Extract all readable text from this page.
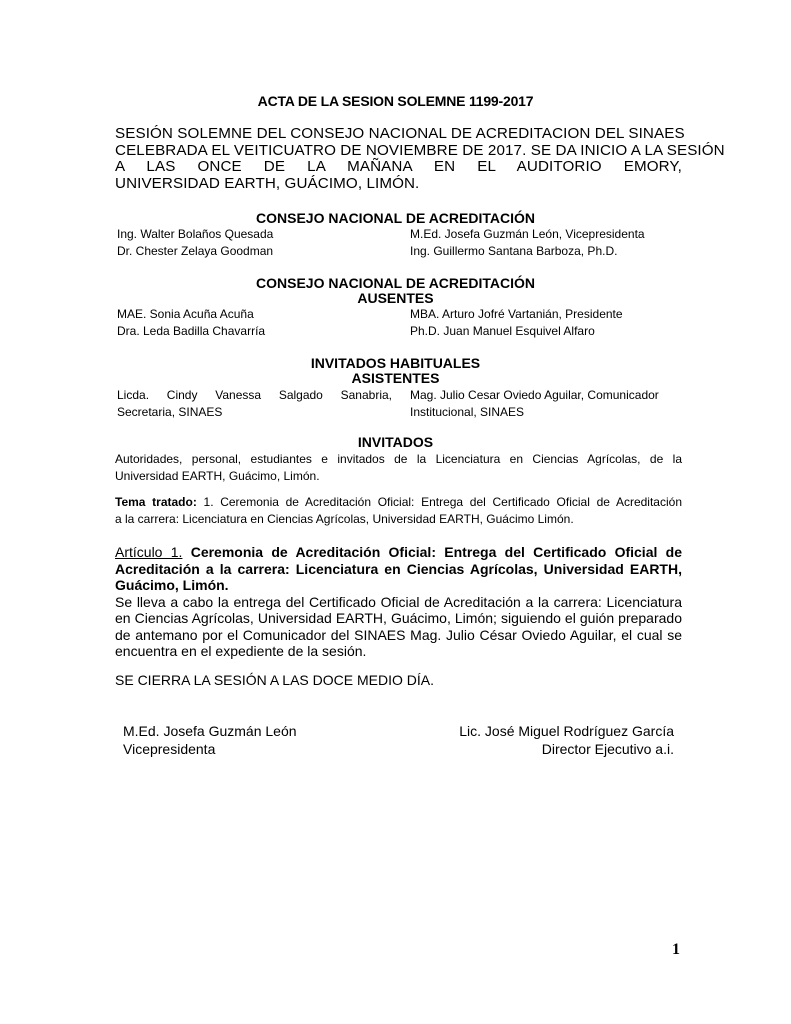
ACTA DE LA SESION SOLEMNE 1199-2017
SESIÓN SOLEMNE DEL CONSEJO NACIONAL DE ACREDITACION DEL SINAES
CELEBRADA EL VEITICUATRO DE NOVIEMBRE DE 2017. SE DA INICIO A LA SESIÓN
A LAS ONCE DE LA MAÑANA EN EL AUDITORIO EMORY,
UNIVERSIDAD EARTH, GUÁCIMO, LIMÓN.
CONSEJO NACIONAL DE ACREDITACIÓN
Ing. Walter Bolaños Quesada
Dr. Chester Zelaya Goodman
M.Ed. Josefa Guzmán León, Vicepresidenta
Ing. Guillermo Santana Barboza, Ph.D.
CONSEJO NACIONAL DE ACREDITACIÓN
AUSENTES
MAE. Sonia Acuña Acuña
Dra. Leda Badilla Chavarría
MBA. Arturo Jofré Vartanián, Presidente
Ph.D. Juan Manuel Esquivel Alfaro
INVITADOS HABITUALES
ASISTENTES
Licda. Cindy Vanessa Salgado Sanabria,
Secretaria, SINAES
Mag. Julio Cesar Oviedo Aguilar, Comunicador
Institucional, SINAES
INVITADOS
Autoridades, personal, estudiantes e invitados de la Licenciatura en Ciencias Agrícolas, de la
Universidad EARTH, Guácimo, Limón.
Tema tratado: 1. Ceremonia de Acreditación Oficial: Entrega del Certificado Oficial de Acreditación
a la carrera: Licenciatura en Ciencias Agrícolas, Universidad EARTH, Guácimo Limón.
Artículo 1. Ceremonia de Acreditación Oficial: Entrega del Certificado Oficial de
Acreditación a la carrera: Licenciatura en Ciencias Agrícolas, Universidad EARTH,
Guácimo, Limón.
Se lleva a cabo la entrega del Certificado Oficial de Acreditación a la carrera: Licenciatura
en Ciencias Agrícolas, Universidad EARTH, Guácimo, Limón; siguiendo el guión preparado
de antemano por el Comunicador del SINAES Mag. Julio César Oviedo Aguilar, el cual se
encuentra en el expediente de la sesión.
SE CIERRA LA SESIÓN A LAS DOCE MEDIO DÍA.
M.Ed. Josefa Guzmán León
Vicepresidenta
Lic. José Miguel Rodríguez García
Director Ejecutivo a.i.
1
